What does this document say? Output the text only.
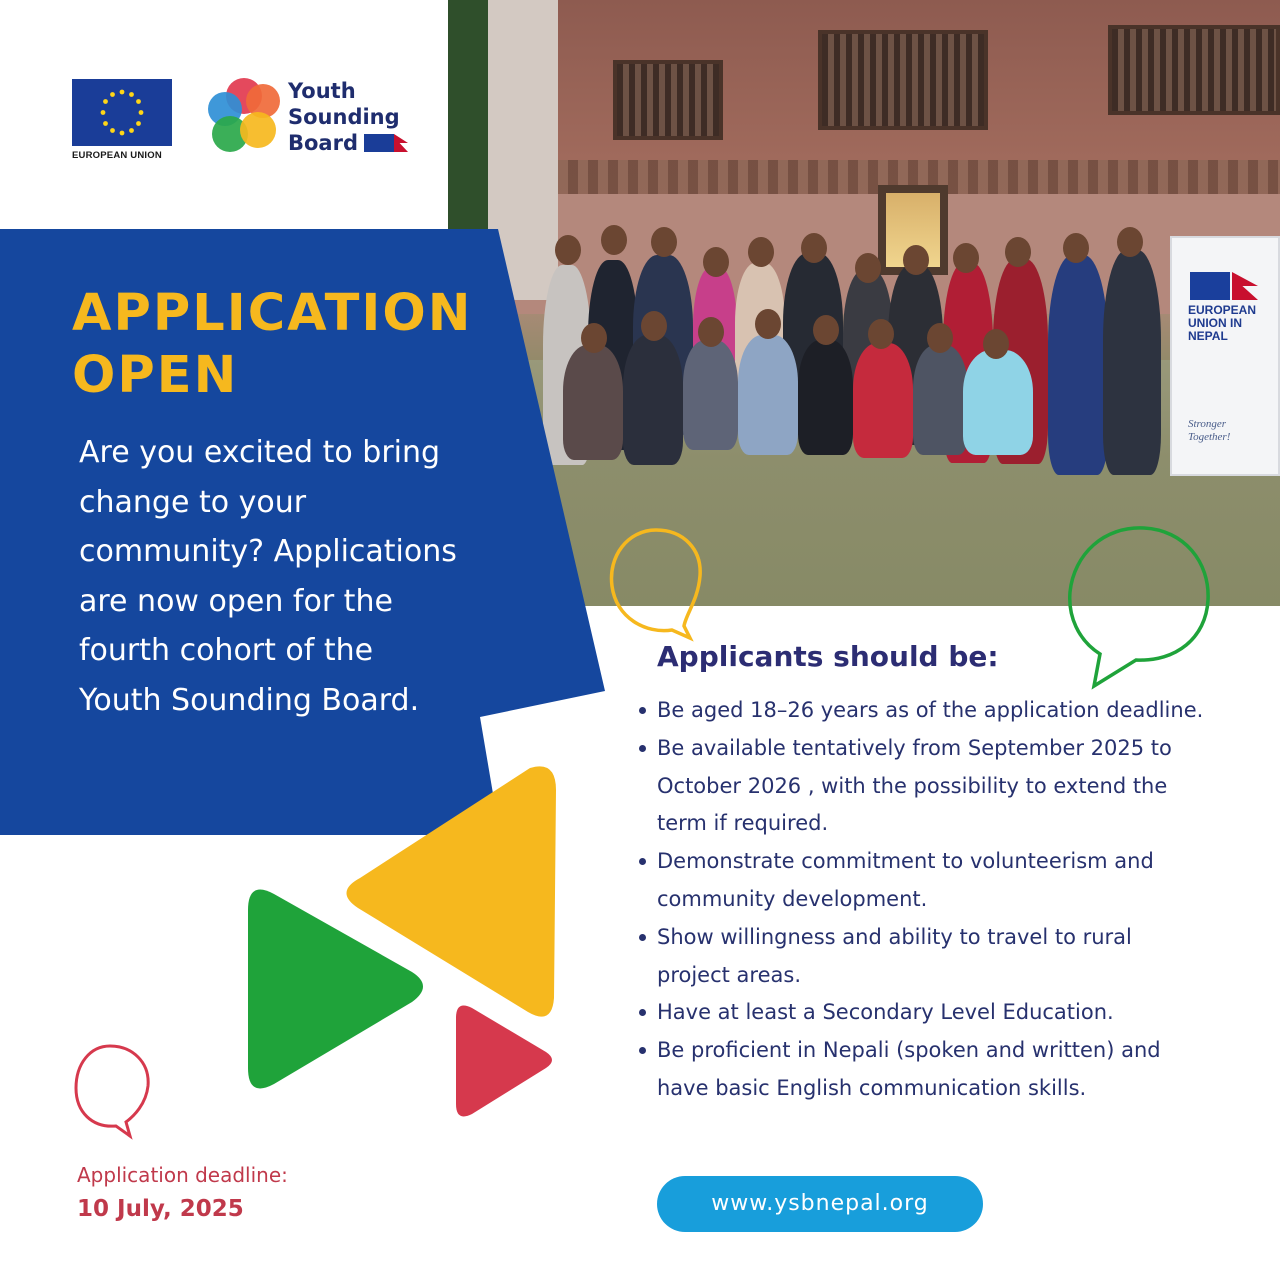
EUROPEAN UNION IN NEPAL
Stronger Together!
EUROPEAN UNION
Youth
Sounding
Board
APPLICATION OPEN
Are you excited to bring change to your community? Applications are now open for the fourth cohort of the Youth Sounding Board.
Applicants should be:
Be aged 18–26 years as of the application deadline.
Be available tentatively from September 2025 to October 2026 , with the possibility to extend the term if required.
Demonstrate commitment to volunteerism and community development.
Show willingness and ability to travel to rural project areas.
Have at least a Secondary Level Education.
Be proficient in Nepali (spoken and written) and have basic English communication skills.
www.ysbnepal.org
Application deadline:
10 July, 2025
